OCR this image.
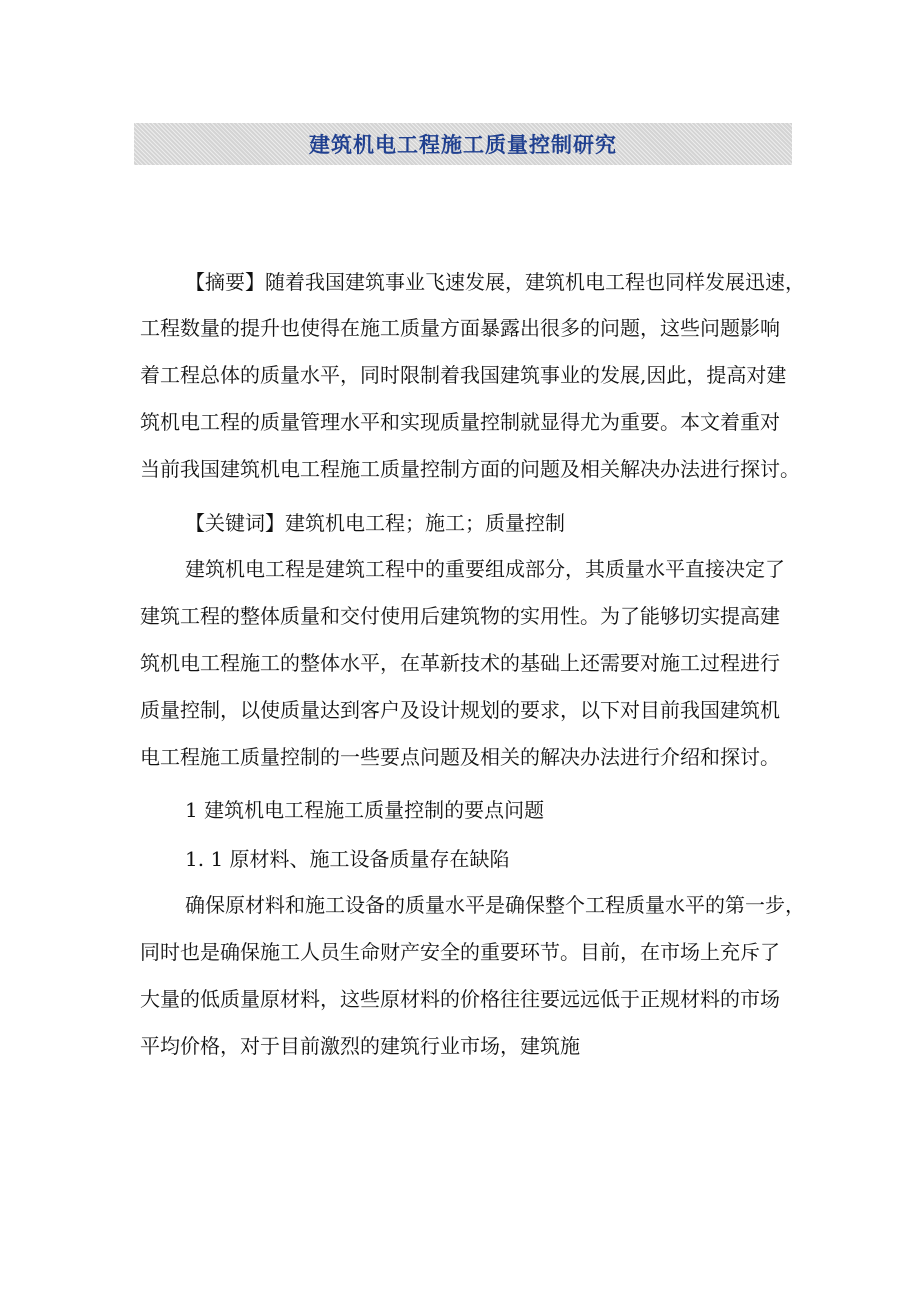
建筑机电工程施工质量控制研究
【摘要】随着我国建筑事业飞速发展，建筑机电工程也同样发展迅速，
工程数量的提升也使得在施工质量方面暴露出很多的问题，这些问题影响
着工程总体的质量水平，同时限制着我国建筑事业的发展,因此，提高对建
筑机电工程的质量管理水平和实现质量控制就显得尤为重要。本文着重对
当前我国建筑机电工程施工质量控制方面的问题及相关解决办法进行探讨。
【关键词】建筑机电工程；施工；质量控制
建筑机电工程是建筑工程中的重要组成部分，其质量水平直接决定了
建筑工程的整体质量和交付使用后建筑物的实用性。为了能够切实提高建
筑机电工程施工的整体水平，在革新技术的基础上还需要对施工过程进行
质量控制，以使质量达到客户及设计规划的要求，以下对目前我国建筑机
电工程施工质量控制的一些要点问题及相关的解决办法进行介绍和探讨。
1 建筑机电工程施工质量控制的要点问题
1. 1 原材料、施工设备质量存在缺陷
确保原材料和施工设备的质量水平是确保整个工程质量水平的第一步，
同时也是确保施工人员生命财产安全的重要环节。目前，在市场上充斥了
大量的低质量原材料，这些原材料的价格往往要远远低于正规材料的市场
平均价格，对于目前激烈的建筑行业市场，建筑施
